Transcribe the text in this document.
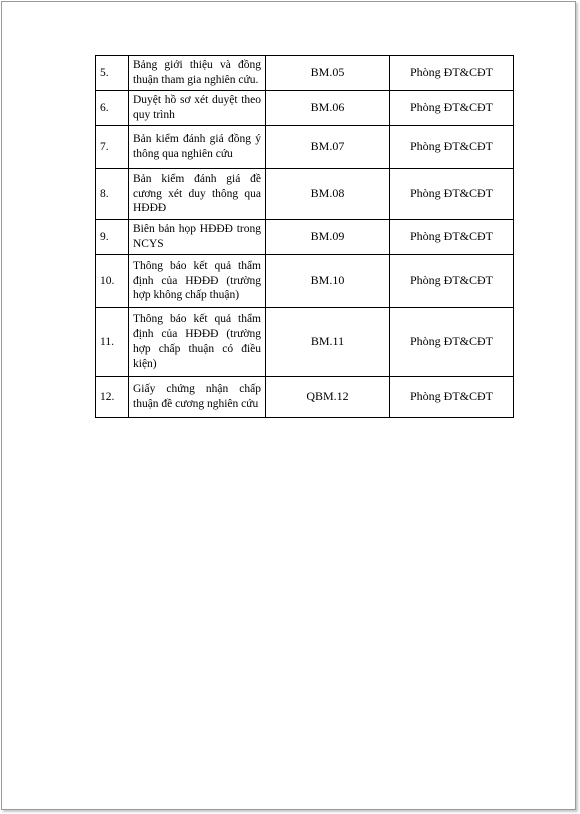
5.	Bảng giới thiệu và đồng thuận tham gia nghiên cứu.	BM.05	Phòng ĐT&CĐT
6.	Duyệt hồ sơ xét duyệt theo quy trình	BM.06	Phòng ĐT&CĐT
7.	Bản kiểm đánh giá đồng ý thông qua nghiên cứu	BM.07	Phòng ĐT&CĐT
8.	Bản kiểm đánh giá đề cương xét duy thông qua HĐĐĐ	BM.08	Phòng ĐT&CĐT
9.	Biên bản họp HĐĐĐ trong NCYS	BM.09	Phòng ĐT&CĐT
10.	Thông báo kết quả thẩm định của HĐĐĐ (trường hợp không chấp thuận)	BM.10	Phòng ĐT&CĐT
11.	Thông báo kết quả thẩm định của HĐĐĐ (trường hợp chấp thuận có điều kiện)	BM.11	Phòng ĐT&CĐT
12.	Giấy chứng nhận chấp thuận đề cương nghiên cứu	QBM.12	Phòng ĐT&CĐT
